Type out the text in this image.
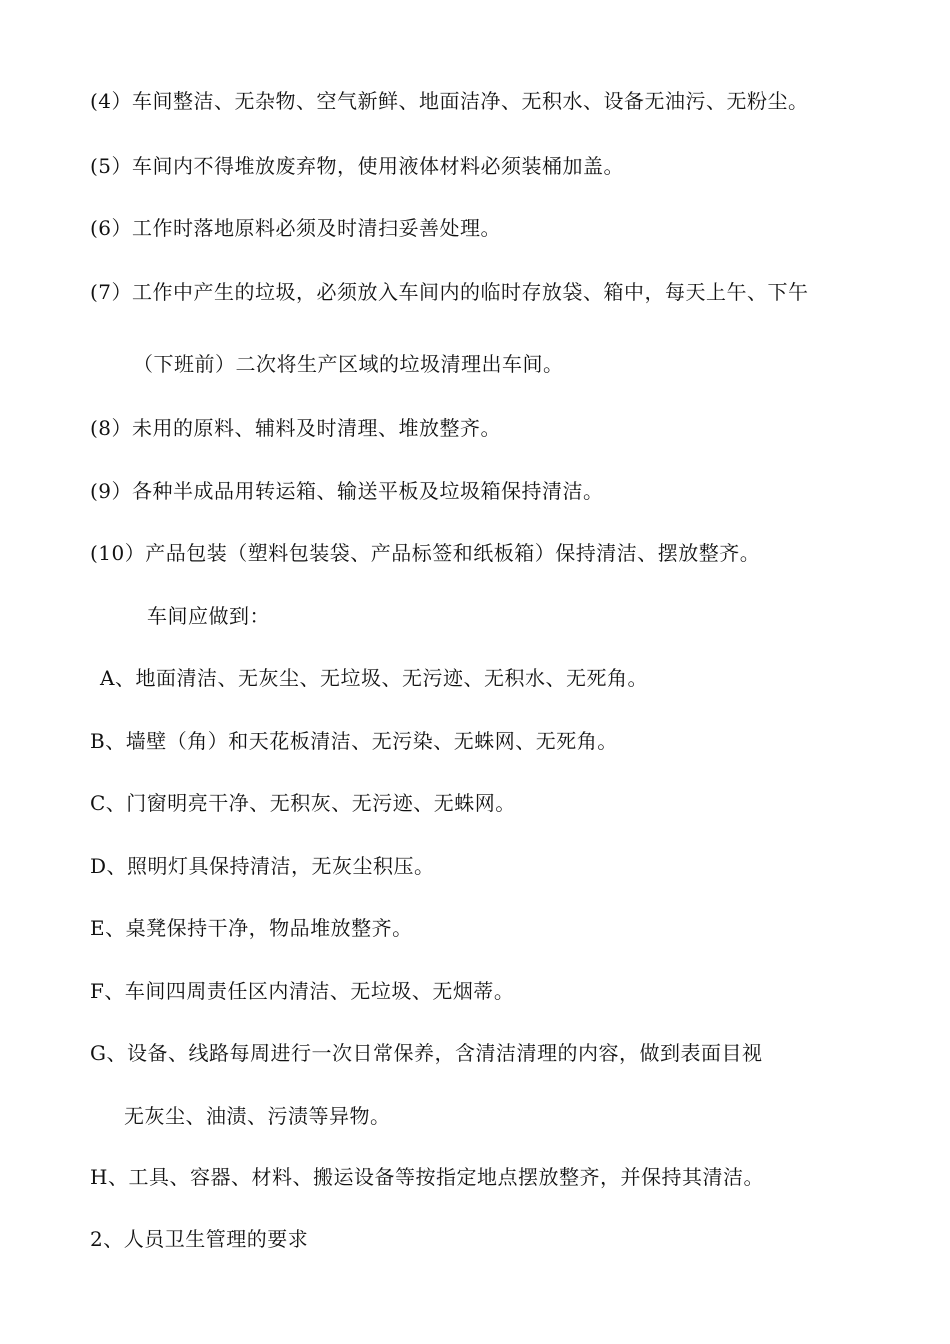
(4）车间整洁、无杂物、空气新鲜、地面洁净、无积水、设备无油污、无粉尘。
(5）车间内不得堆放废弃物，使用液体材料必须装桶加盖。
(6）工作时落地原料必须及时清扫妥善处理。
(7）工作中产生的垃圾，必须放入车间内的临时存放袋、箱中，每天上午、下午
（下班前）二次将生产区域的垃圾清理出车间。
(8）未用的原料、辅料及时清理、堆放整齐。
(9）各种半成品用转运箱、输送平板及垃圾箱保持清洁。
(10）产品包装（塑料包装袋、产品标签和纸板箱）保持清洁、摆放整齐。
车间应做到：
A、地面清洁、无灰尘、无垃圾、无污迹、无积水、无死角。
B、墙壁（角）和天花板清洁、无污染、无蛛网、无死角。
C、门窗明亮干净、无积灰、无污迹、无蛛网。
D、照明灯具保持清洁，无灰尘积压。
E、桌凳保持干净，物品堆放整齐。
F、车间四周责任区内清洁、无垃圾、无烟蒂。
G、设备、线路每周进行一次日常保养，含清洁清理的内容，做到表面目视
无灰尘、油渍、污渍等异物。
H、工具、容器、材料、搬运设备等按指定地点摆放整齐，并保持其清洁。
2、人员卫生管理的要求
